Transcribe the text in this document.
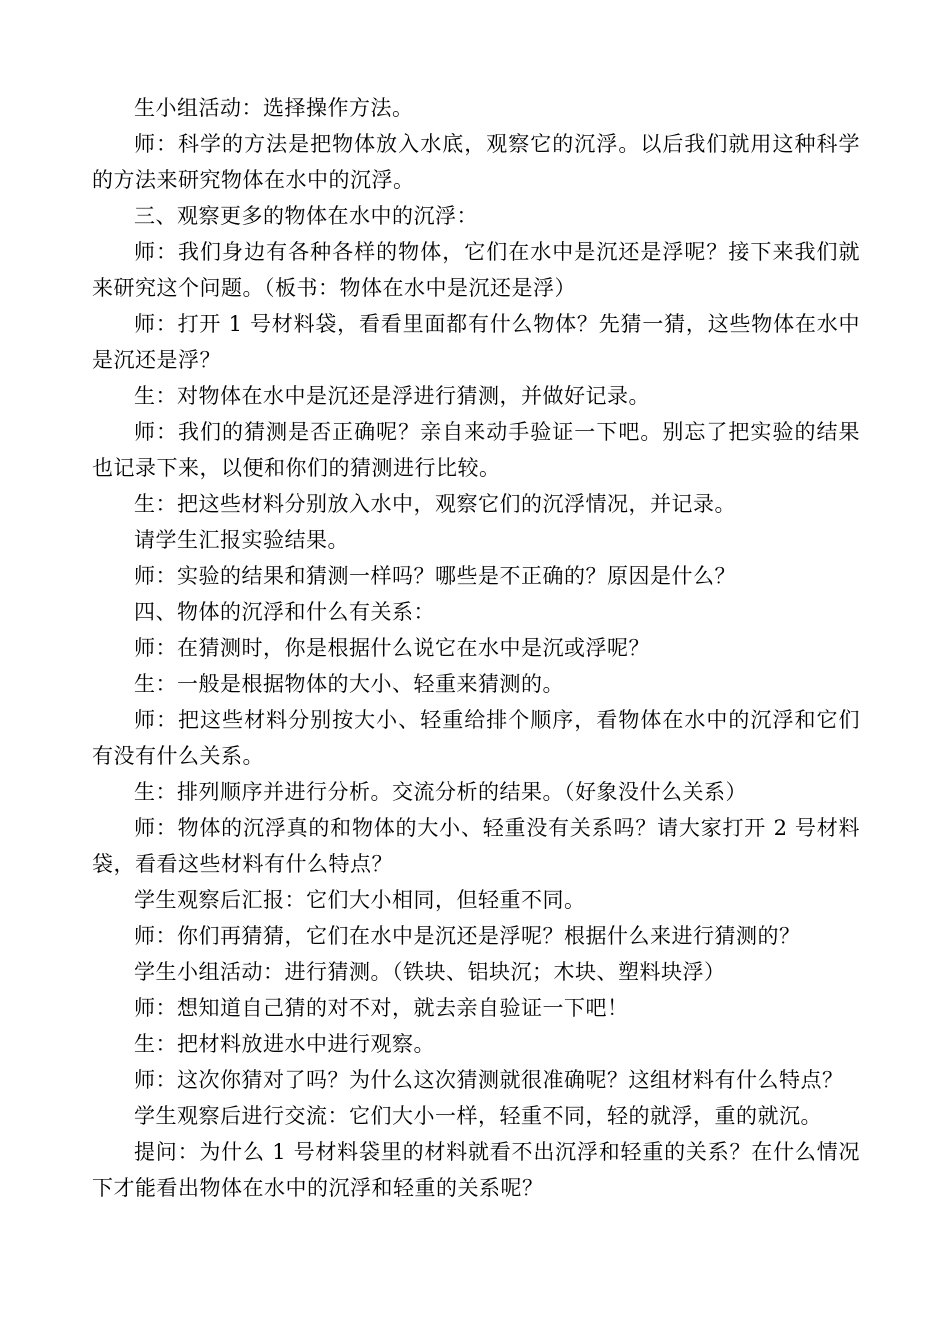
生小组活动：选择操作方法。

师：科学的方法是把物体放入水底，观察它的沉浮。以后我们就用这种科学的方法来研究物体在水中的沉浮。

三、观察更多的物体在水中的沉浮：

师：我们身边有各种各样的物体，它们在水中是沉还是浮呢？接下来我们就来研究这个问题。（板书：物体在水中是沉还是浮）

师：打开 1 号材料袋，看看里面都有什么物体？先猜一猜，这些物体在水中是沉还是浮？

生：对物体在水中是沉还是浮进行猜测，并做好记录。

师：我们的猜测是否正确呢？亲自来动手验证一下吧。别忘了把实验的结果也记录下来，以便和你们的猜测进行比较。

生：把这些材料分别放入水中，观察它们的沉浮情况，并记录。

请学生汇报实验结果。

师：实验的结果和猜测一样吗？哪些是不正确的？原因是什么？

四、物体的沉浮和什么有关系：

师：在猜测时，你是根据什么说它在水中是沉或浮呢？

生：一般是根据物体的大小、轻重来猜测的。

师：把这些材料分别按大小、轻重给排个顺序，看物体在水中的沉浮和它们有没有什么关系。

生：排列顺序并进行分析。交流分析的结果。（好象没什么关系）

师：物体的沉浮真的和物体的大小、轻重没有关系吗？请大家打开 2 号材料袋，看看这些材料有什么特点？

学生观察后汇报：它们大小相同，但轻重不同。

师：你们再猜猜，它们在水中是沉还是浮呢？根据什么来进行猜测的？

学生小组活动：进行猜测。（铁块、铝块沉；木块、塑料块浮）

师：想知道自己猜的对不对，就去亲自验证一下吧！

生：把材料放进水中进行观察。

师：这次你猜对了吗？为什么这次猜测就很准确呢？这组材料有什么特点？

学生观察后进行交流：它们大小一样，轻重不同，轻的就浮，重的就沉。

提问：为什么 1 号材料袋里的材料就看不出沉浮和轻重的关系？在什么情况下才能看出物体在水中的沉浮和轻重的关系呢？
